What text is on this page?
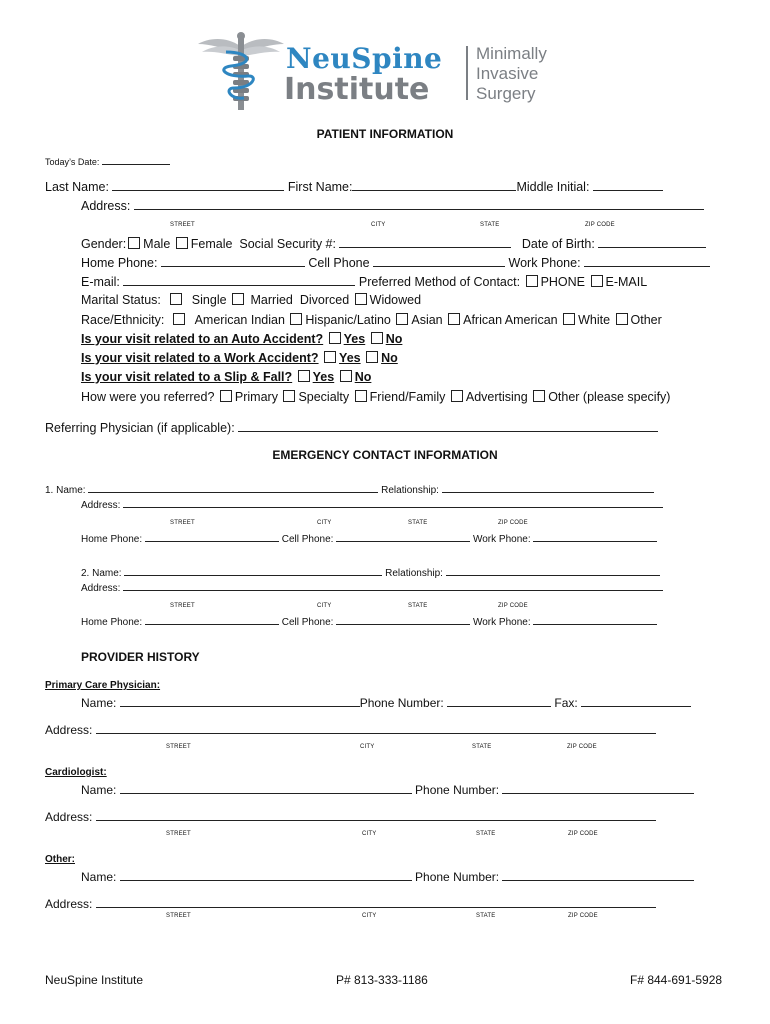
NeuSpine
Institute
Minimally
Invasive
Surgery
PATIENT INFORMATION
Today’s Date:
Last Name:	First Name:	Middle Initial:
Address:
STREET	CITY	STATE	ZIP CODE
Gender: Male Female Social Security #:	Date of Birth:
Home Phone:	Cell Phone	Work Phone:
E-mail:	Preferred Method of Contact: PHONE E-MAIL
Marital Status: Single Married Divorced Widowed
Race/Ethnicity: American Indian Hispanic/Latino Asian African American White Other
Is your visit related to an Auto Accident? Yes No
Is your visit related to a Work Accident? Yes No
Is your visit related to a Slip & Fall? Yes No
How were you referred? Primary Specialty Friend/Family Advertising Other (please specify)
Referring Physician (if applicable):
EMERGENCY CONTACT INFORMATION
1. Name:	Relationship:
Address:
STREET	CITY	STATE	ZIP CODE
Home Phone:	Cell Phone:	Work Phone:
2. Name:	Relationship:
Address:
STREET	CITY	STATE	ZIP CODE
Home Phone:	Cell Phone:	Work Phone:
PROVIDER HISTORY
Primary Care Physician:
Name:	Phone Number:	Fax:
Address:
STREET	CITY	STATE	ZIP CODE
Cardiologist:
Name:	Phone Number:
Address:
STREET	CITY	STATE	ZIP CODE
Other:
Name:	Phone Number:
Address:
STREET	CITY	STATE	ZIP CODE
NeuSpine Institute	P# 813-333-1186	F# 844-691-5928
